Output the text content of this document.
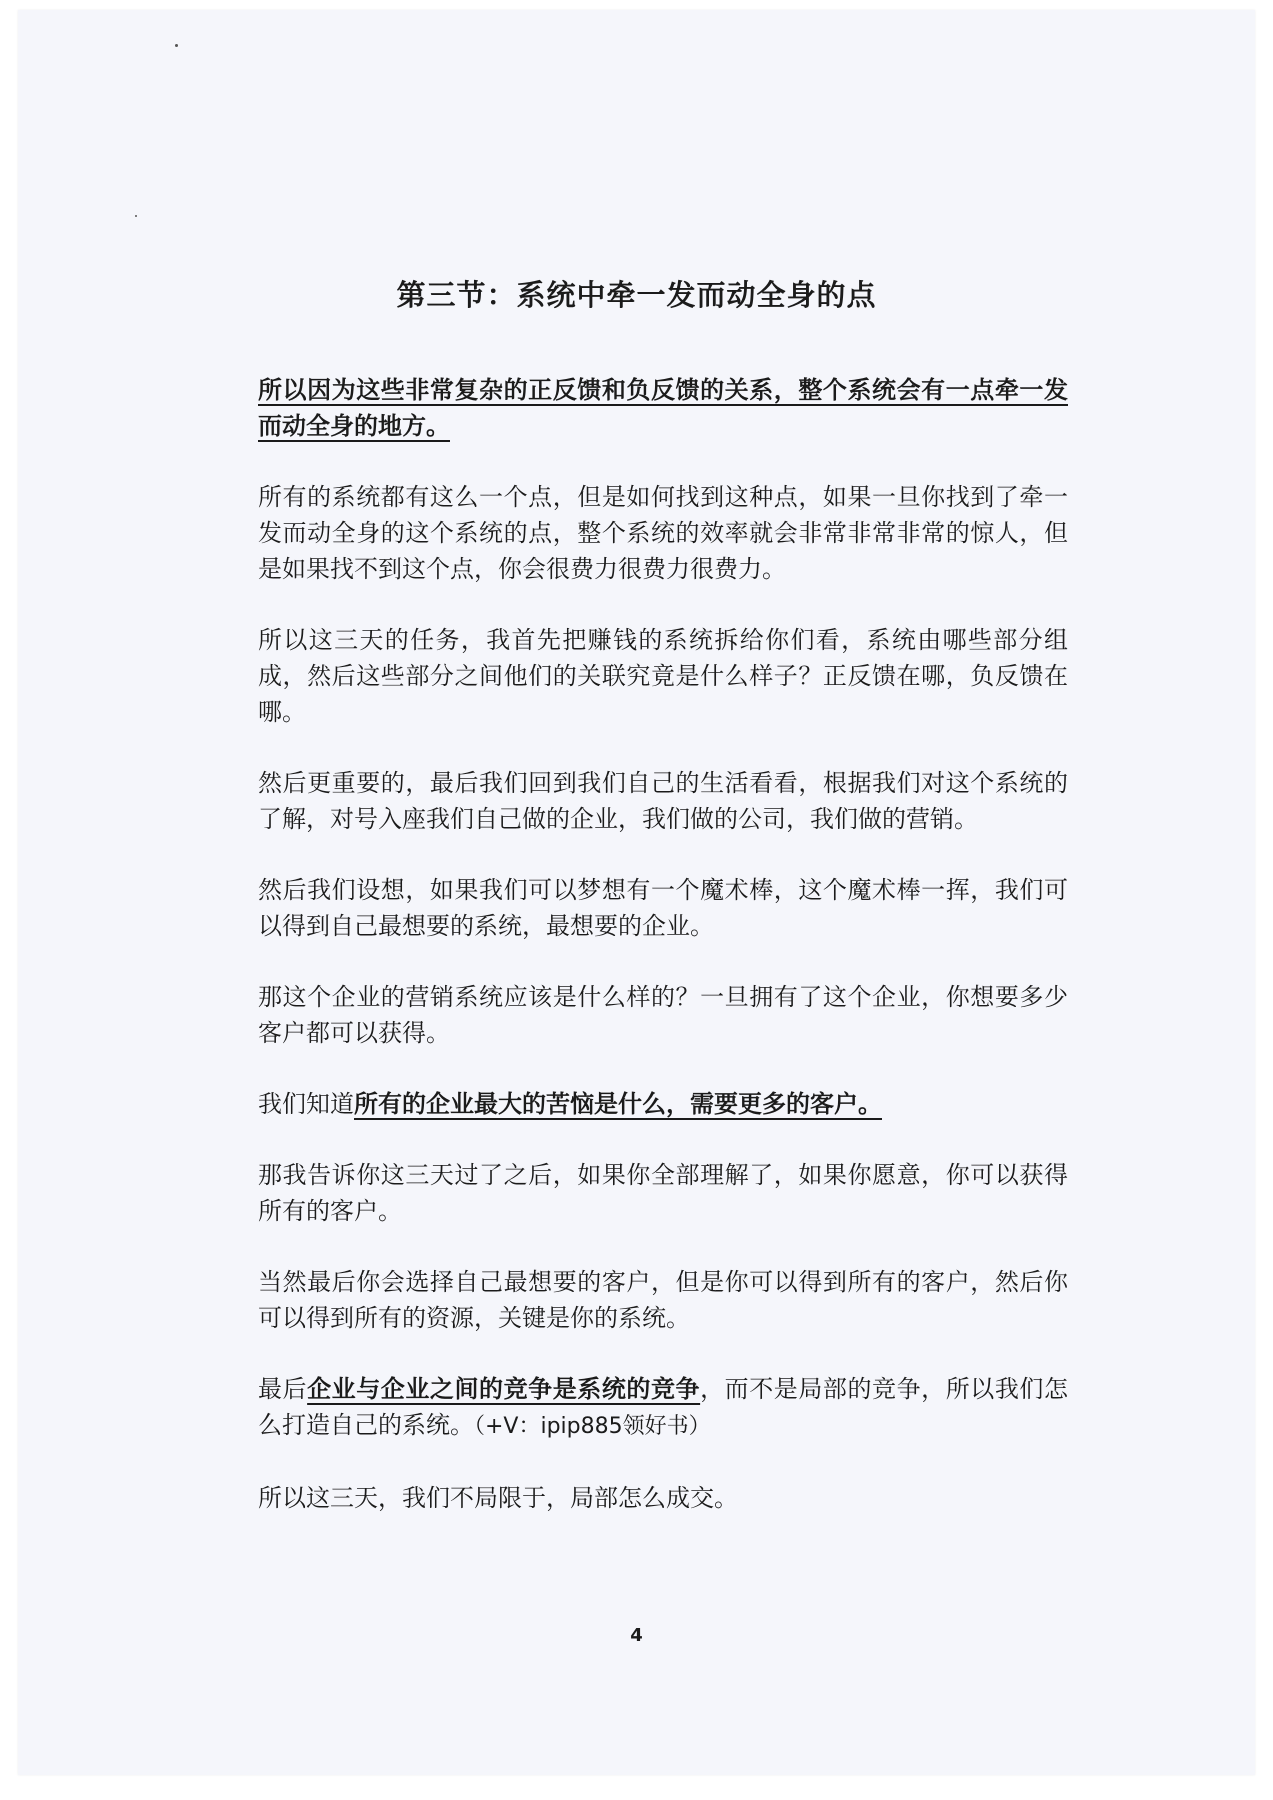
第三节：系统中牵一发而动全身的点

所以因为这些非常复杂的正反馈和负反馈的关系，整个系统会有一点牵一发而动全身的地方。

所有的系统都有这么一个点，但是如何找到这种点，如果一旦你找到了牵一发而动全身的这个系统的点，整个系统的效率就会非常非常非常的惊人，但是如果找不到这个点，你会很费力很费力很费力。

所以这三天的任务，我首先把赚钱的系统拆给你们看，系统由哪些部分组成，然后这些部分之间他们的关联究竟是什么样子？正反馈在哪，负反馈在哪。

然后更重要的，最后我们回到我们自己的生活看看，根据我们对这个系统的了解，对号入座我们自己做的企业，我们做的公司，我们做的营销。

然后我们设想，如果我们可以梦想有一个魔术棒，这个魔术棒一挥，我们可以得到自己最想要的系统，最想要的企业。

那这个企业的营销系统应该是什么样的？一旦拥有了这个企业，你想要多少客户都可以获得。

我们知道所有的企业最大的苦恼是什么，需要更多的客户。

那我告诉你这三天过了之后，如果你全部理解了，如果你愿意，你可以获得所有的客户。

当然最后你会选择自己最想要的客户，但是你可以得到所有的客户，然后你可以得到所有的资源，关键是你的系统。

最后企业与企业之间的竞争是系统的竞争，而不是局部的竞争，所以我们怎么打造自己的系统。（+V：ipip885领好书）

所以这三天，我们不局限于，局部怎么成交。

4
